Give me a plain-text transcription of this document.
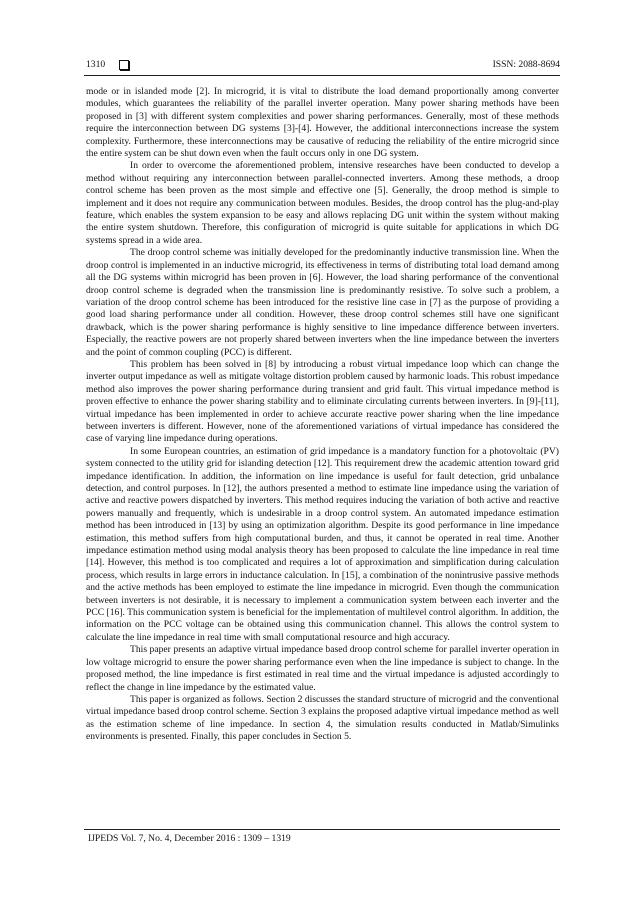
1310	ISSN: 2088-8694

mode or in islanded mode [2]. In microgrid, it is vital to distribute the load demand proportionally among converter modules, which guarantees the reliability of the parallel inverter operation. Many power sharing methods have been proposed in [3] with different system complexities and power sharing performances. Generally, most of these methods require the interconnection between DG systems [3]-[4]. However, the additional interconnections increase the system complexity. Furthermore, these interconnections may be causative of reducing the reliability of the entire microgrid since the entire system can be shut down even when the fault occurs only in one DG system.

In order to overcome the aforementioned problem, intensive researches have been conducted to develop a method without requiring any interconnection between parallel-connected inverters. Among these methods, a droop control scheme has been proven as the most simple and effective one [5]. Generally, the droop method is simple to implement and it does not require any communication between modules. Besides, the droop control has the plug-and-play feature, which enables the system expansion to be easy and allows replacing DG unit within the system without making the entire system shutdown. Therefore, this configuration of microgrid is quite suitable for applications in which DG systems spread in a wide area.

The droop control scheme was initially developed for the predominantly inductive transmission line. When the droop control is implemented in an inductive microgrid, its effectiveness in terms of distributing total load demand among all the DG systems within microgrid has been proven in [6]. However, the load sharing performance of the conventional droop control scheme is degraded when the transmission line is predominantly resistive. To solve such a problem, a variation of the droop control scheme has been introduced for the resistive line case in [7] as the purpose of providing a good load sharing performance under all condition. However, these droop control schemes still have one significant drawback, which is the power sharing performance is highly sensitive to line impedance difference between inverters. Especially, the reactive powers are not properly shared between inverters when the line impedance between the inverters and the point of common coupling (PCC) is different.

This problem has been solved in [8] by introducing a robust virtual impedance loop which can change the inverter output impedance as well as mitigate voltage distortion problem caused by harmonic loads. This robust impedance method also improves the power sharing performance during transient and grid fault. This virtual impedance method is proven effective to enhance the power sharing stability and to eliminate circulating currents between inverters. In [9]-[11], virtual impedance has been implemented in order to achieve accurate reactive power sharing when the line impedance between inverters is different. However, none of the aforementioned variations of virtual impedance has considered the case of varying line impedance during operations.

In some European countries, an estimation of grid impedance is a mandatory function for a photovoltaic (PV) system connected to the utility grid for islanding detection [12]. This requirement drew the academic attention toward grid impedance identification. In addition, the information on line impedance is useful for fault detection, grid unbalance detection, and control purposes. In [12], the authors presented a method to estimate line impedance using the variation of active and reactive powers dispatched by inverters. This method requires inducing the variation of both active and reactive powers manually and frequently, which is undesirable in a droop control system. An automated impedance estimation method has been introduced in [13] by using an optimization algorithm. Despite its good performance in line impedance estimation, this method suffers from high computational burden, and thus, it cannot be operated in real time. Another impedance estimation method using modal analysis theory has been proposed to calculate the line impedance in real time [14]. However, this method is too complicated and requires a lot of approximation and simplification during calculation process, which results in large errors in inductance calculation. In [15], a combination of the nonintrusive passive methods and the active methods has been employed to estimate the line impedance in microgrid. Even though the communication between inverters is not desirable, it is necessary to implement a communication system between each inverter and the PCC [16]. This communication system is beneficial for the implementation of multilevel control algorithm. In addition, the information on the PCC voltage can be obtained using this communication channel. This allows the control system to calculate the line impedance in real time with small computational resource and high accuracy.

This paper presents an adaptive virtual impedance based droop control scheme for parallel inverter operation in low voltage microgrid to ensure the power sharing performance even when the line impedance is subject to change. In the proposed method, the line impedance is first estimated in real time and the virtual impedance is adjusted accordingly to reflect the change in line impedance by the estimated value.

This paper is organized as follows. Section 2 discusses the standard structure of microgrid and the conventional virtual impedance based droop control scheme. Section 3 explains the proposed adaptive virtual impedance method as well as the estimation scheme of line impedance. In section 4, the simulation results conducted in Matlab/Simulinks environments is presented. Finally, this paper concludes in Section 5.

IJPEDS Vol. 7, No. 4, December 2016 : 1309 – 1319
